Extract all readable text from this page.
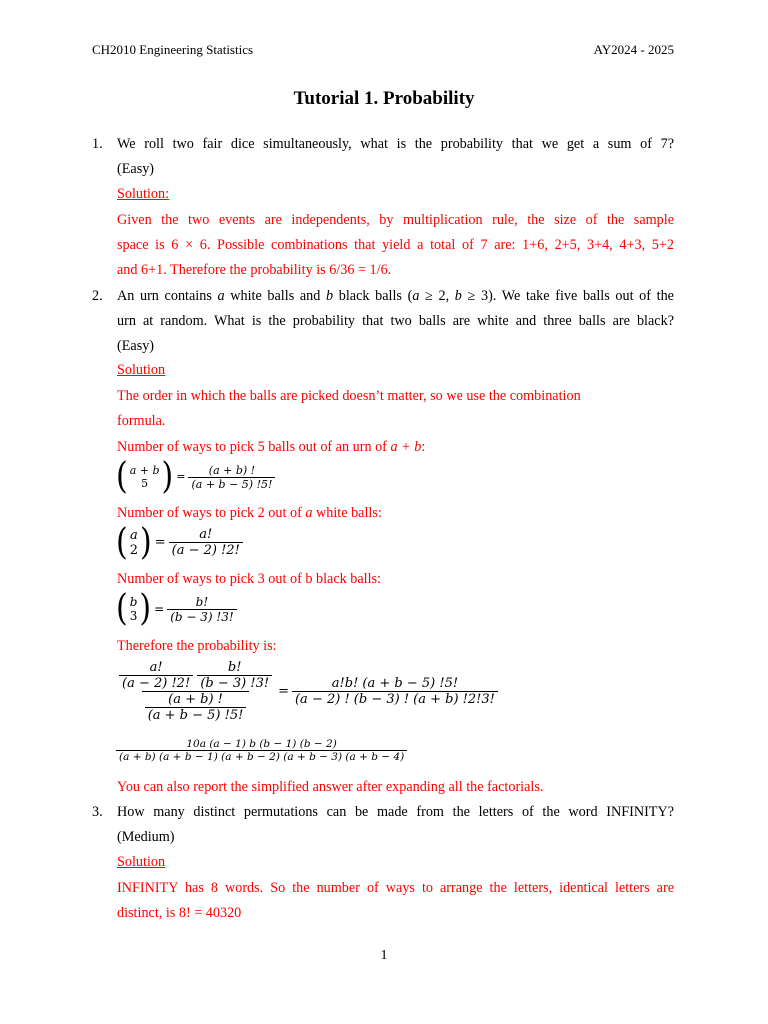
CH2010 Engineering Statistics	AY2024 - 2025
Tutorial 1. Probability
1. We roll two fair dice simultaneously, what is the probability that we get a sum of 7?
(Easy)
Solution:
Given the two events are independents, by multiplication rule, the size of the sample
space is 6 × 6. Possible combinations that yield a total of 7 are: 1+6, 2+5, 3+4, 4+3, 5+2
and 6+1. Therefore the probability is 6/36 = 1/6.
2. An urn contains a white balls and b black balls (a ≥ 2, b ≥ 3). We take five balls out of the
urn at random. What is the probability that two balls are white and three balls are black?
(Easy)
Solution
The order in which the balls are picked doesn’t matter, so we use the combination
formula.
Number of ways to pick 5 balls out of an urn of a + b:
( a + b
5 ) = $\frac{(a + b) !}{(a + b - 5) !5!}$
Number of ways to pick 2 out of a white balls:
( a
2 ) = $\frac{a!}{(a - 2) !2!}$
Number of ways to pick 3 out of b black balls:
( b
3 ) = $\frac{b!}{(b - 3) !3!}$
Therefore the probability is:
$\frac{a!}{(a - 2) !2!}$
$\frac{b!}{(b - 3) !3!}$
$\frac{(a + b) !}{(a + b - 5) !5!} = \frac{a!b! (a + b - 5) !5!}{(a - 2) ! (b - 3) ! (a + b) !2!3!}$
$\frac{10a (a - 1) b (b - 1) (b - 2)}{(a + b) (a + b - 1) (a + b - 2) (a + b - 3) (a + b - 4)}$
You can also report the simplified answer after expanding all the factorials.
3. How many distinct permutations can be made from the letters of the word INFINITY?
(Medium)
Solution
INFINITY has 8 words. So the number of ways to arrange the letters, identical letters are
distinct, is 8! = 40320
1
